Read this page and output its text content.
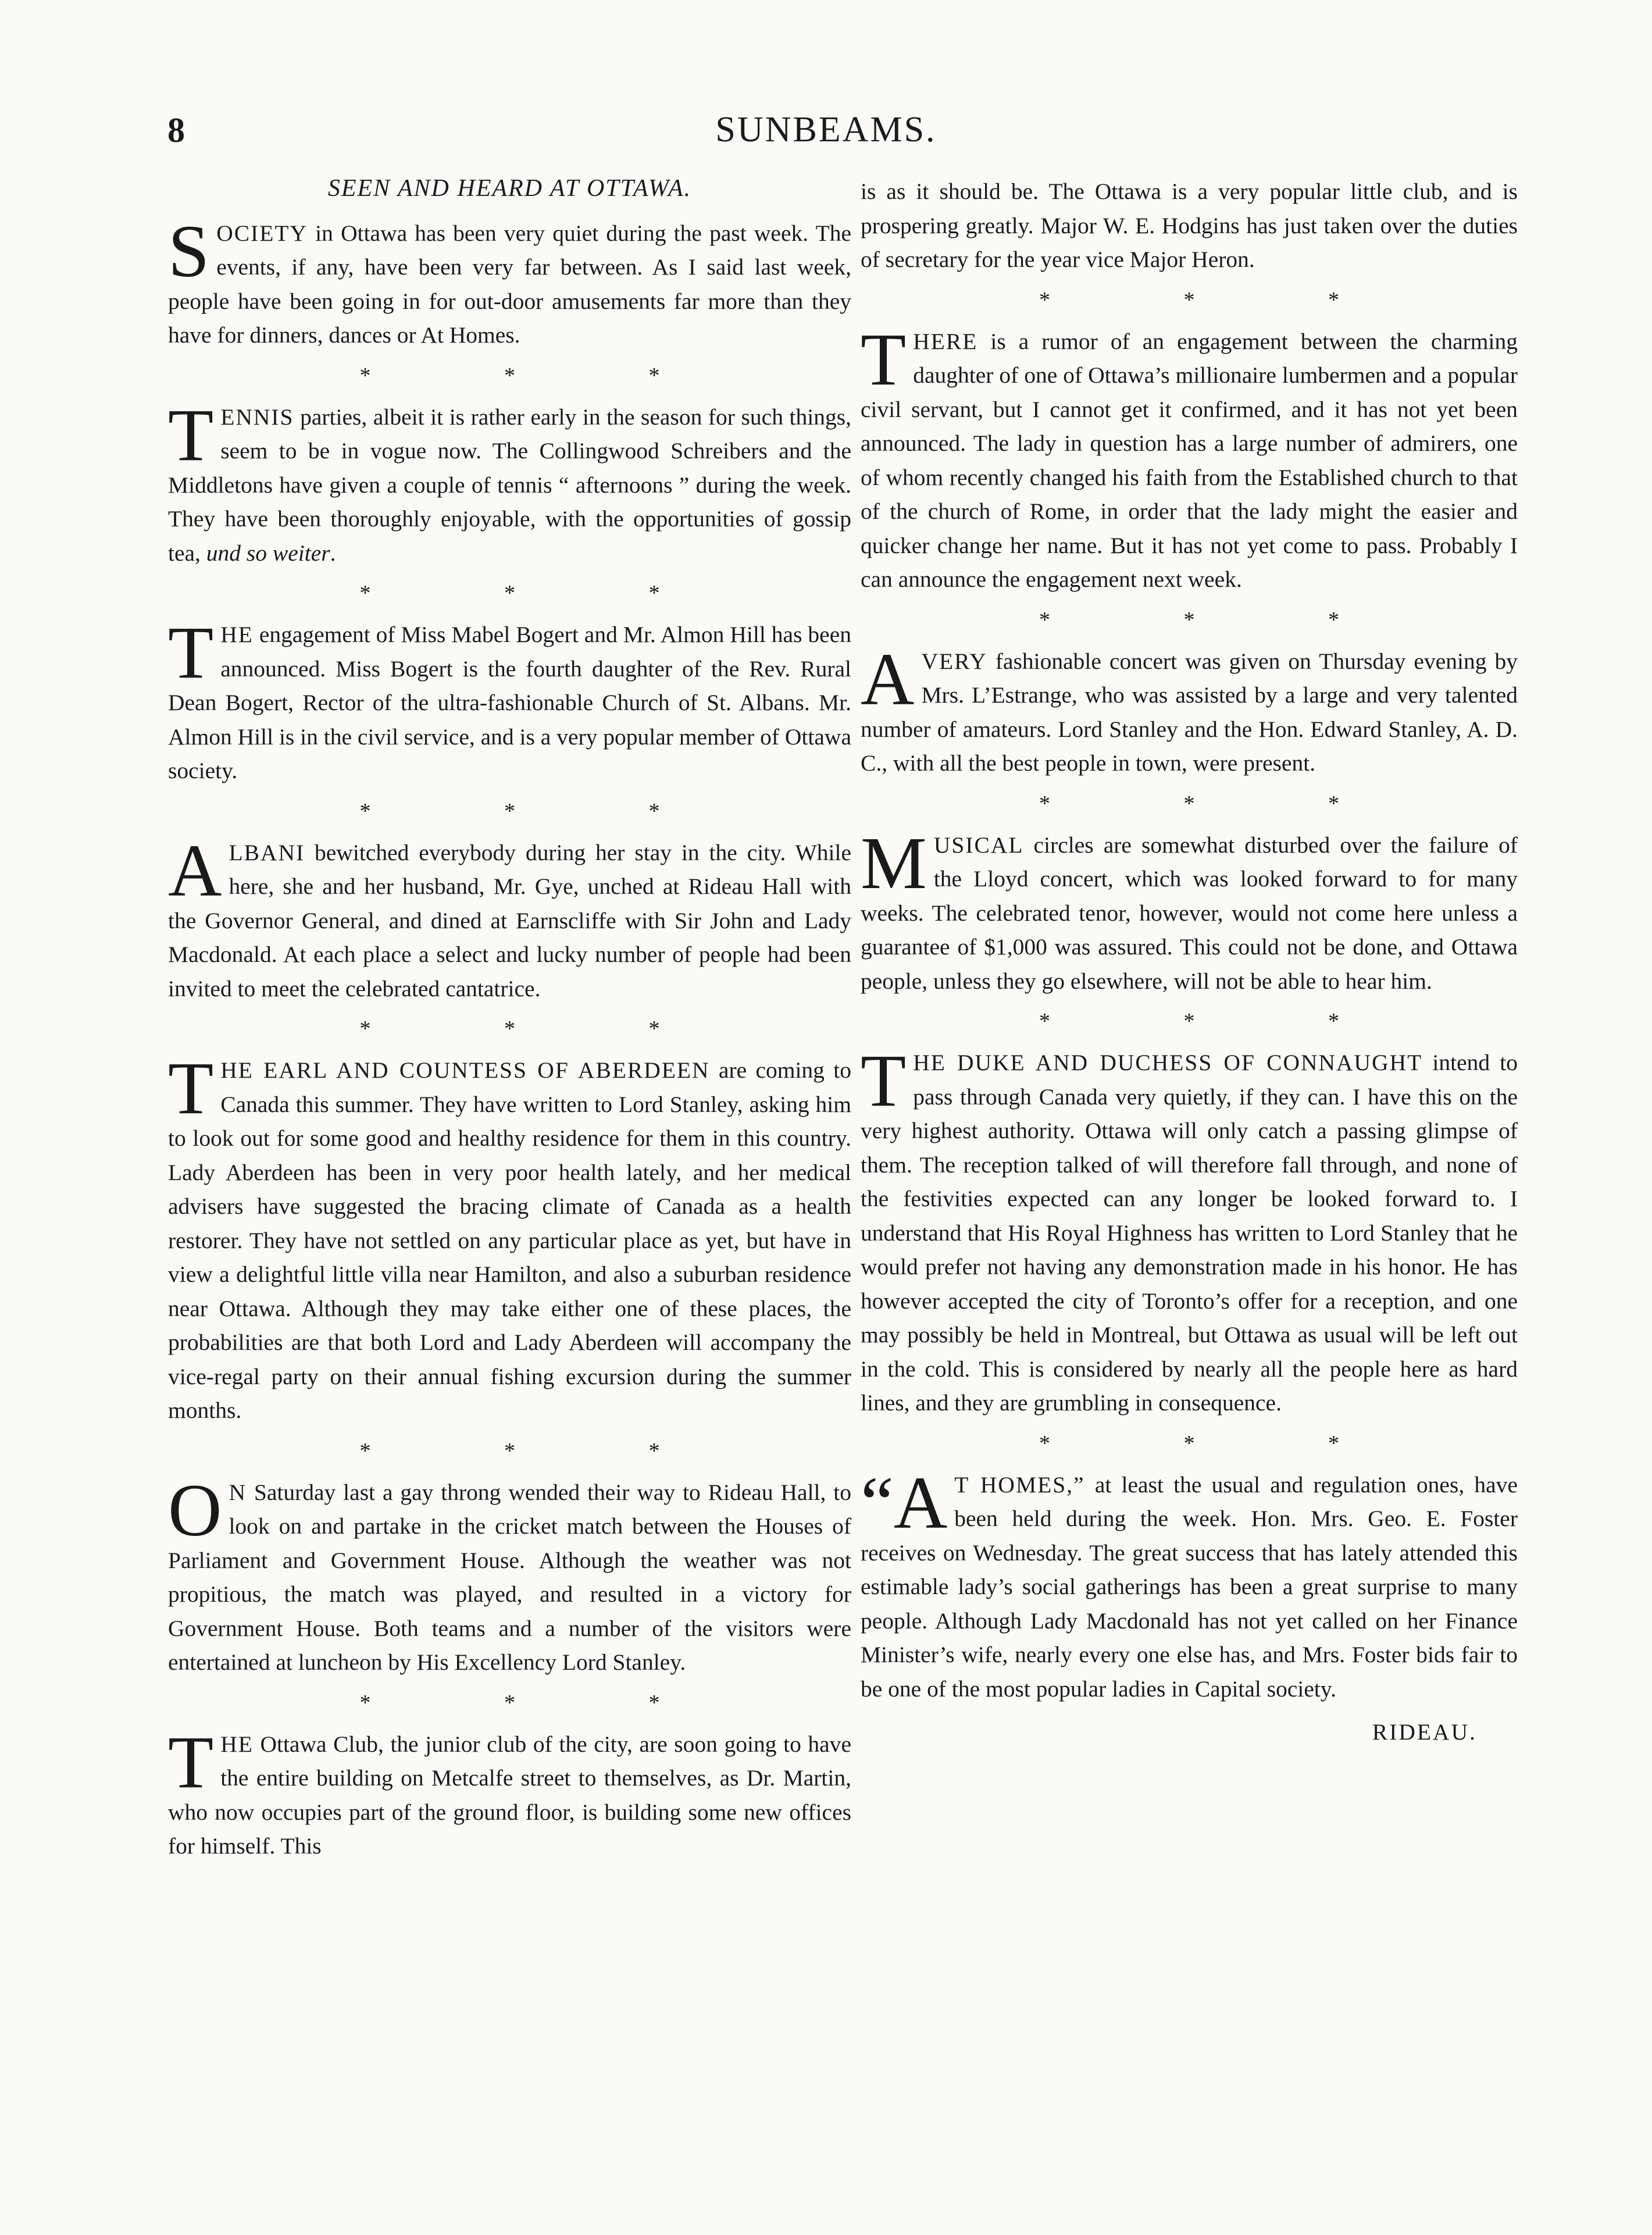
8	SUNBEAMS.
SEEN AND HEARD AT OTTAWA.

SOCIETY in Ottawa has been very quiet during the past week. The events, if any, have been very far between. As I said last week, people have been going in for out-door amusements far more than they have for dinners, dances or At Homes.

* * *

TENNIS parties, albeit it is rather early in the season for such things, seem to be in vogue now. The Collingwood Schreibers and the Middletons have given a couple of tennis “ afternoons ” during the week. They have been thoroughly enjoyable, with the opportunities of gossip tea, und so weiter.

* * *

THE engagement of Miss Mabel Bogert and Mr. Almon Hill has been announced. Miss Bogert is the fourth daughter of the Rev. Rural Dean Bogert, Rector of the ultra-fashionable Church of St. Albans. Mr. Almon Hill is in the civil service, and is a very popular member of Ottawa society.

* * *

ALBANI bewitched everybody during her stay in the city. While here, she and her husband, Mr. Gye, unched at Rideau Hall with the Governor General, and dined at Earnscliffe with Sir John and Lady Macdonald. At each place a select and lucky number of people had been invited to meet the celebrated cantatrice.

* * *

THE EARL AND COUNTESS OF ABERDEEN are coming to Canada this summer. They have written to Lord Stanley, asking him to look out for some good and healthy residence for them in this country. Lady Aberdeen has been in very poor health lately, and her medical advisers have suggested the bracing climate of Canada as a health restorer. They have not settled on any particular place as yet, but have in view a delightful little villa near Hamilton, and also a suburban residence near Ottawa. Although they may take either one of these places, the probabilities are that both Lord and Lady Aberdeen will accompany the vice-regal party on their annual fishing excursion during the summer months.

* * *

O N Saturday last a gay throng wended their way to Rideau Hall, to look on and partake in the cricket match between the Houses of Parliament and Government House. Although the weather was not propitious, the match was played, and resulted in a victory for Government House. Both teams and a number of the visitors were entertained at luncheon by His Excellency Lord Stanley.

* * *

THE Ottawa Club, the junior club of the city, are soon going to have the entire building on Metcalfe street to themselves, as Dr. Martin, who now occupies part of the ground floor, is building some new offices for himself. This

is as it should be. The Ottawa is a very popular little club, and is prospering greatly. Major W. E. Hodgins has just taken over the duties of secretary for the year vice Major Heron.

* * *

THERE is a rumor of an engagement between the charming daughter of one of Ottawa’s millionaire lumbermen and a popular civil servant, but I cannot get it confirmed, and it has not yet been announced. The lady in question has a large number of admirers, one of whom recently changed his faith from the Established church to that of the church of Rome, in order that the lady might the easier and quicker change her name. But it has not yet come to pass. Probably I can announce the engagement next week.

* * *

AVERY fashionable concert was given on Thursday evening by Mrs. L’Estrange, who was assisted by a large and very talented number of amateurs. Lord Stanley and the Hon. Edward Stanley, A. D. C., with all the best people in town, were present.

* * *

MUSICAL circles are somewhat disturbed over the failure of the Lloyd concert, which was looked forward to for many weeks. The celebrated tenor, however, would not come here unless a guarantee of $1,000 was assured. This could not be done, and Ottawa people, unless they go elsewhere, will not be able to hear him.

* * *

THE DUKE AND DUCHESS OF CONNAUGHT intend to pass through Canada very quietly, if they can. I have this on the very highest authority. Ottawa will only catch a passing glimpse of them. The reception talked of will therefore fall through, and none of the festivities expected can any longer be looked forward to. I understand that His Royal Highness has written to Lord Stanley that he would prefer not having any demonstration made in his honor. He has however accepted the city of Toronto’s offer for a reception, and one may possibly be held in Montreal, but Ottawa as usual will be left out in the cold. This is considered by nearly all the people here as hard lines, and they are grumbling in consequence.

* * *

“A T HOMES,” at least the usual and regulation ones, have been held during the week. Hon. Mrs. Geo. E. Foster receives on Wednesday. The great success that has lately attended this estimable lady’s social gatherings has been a great surprise to many people. Although Lady Macdonald has not yet called on her Finance Minister’s wife, nearly every one else has, and Mrs. Foster bids fair to be one of the most popular ladies in Capital society.

RIDEAU.
